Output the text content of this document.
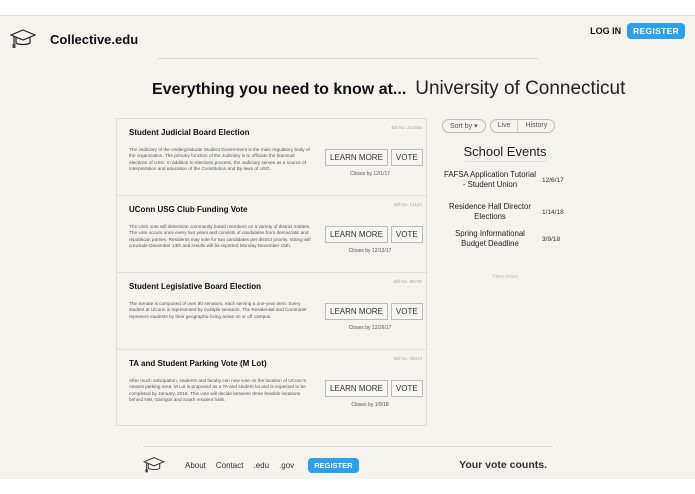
Collective.edu
LOG IN	REGISTER
Everything you need to know at... University of Connecticut
Student Judicial Board Election
Bill No. 213045
The Judiciary of the Undergraduate Student Government is the main regulatory body of the organization. The primary function of the Judiciary is to officiate the biannual elections of USG. In addition to elections process, the Judiciary serves as a source of interpretation and education of the Constitution and By-laws of USG.
LEARN MORE	VOTE
Closes by 12/1/17
UConn USG Club Funding Vote
Bill No. 14124
The USG vote will determine community board members on a variety of district matters. The vote occurs once every two years and consists of candidates from democratic and republican parties. Residents may vote for two candidates per district priority. Voting will conclude December 13th and results will be reported Monday December 15th.
LEARN MORE	VOTE
Closes by 12/13/17
Student Legislative Board Election
Bill No. 85730
The Senate is composed of over 80 senators, each serving a one-year term. Every student at UConn is represented by multiple senators. The Residential and Commuter represent students by their geographic living areas on or off campus.
LEARN MORE	VOTE
Closes by 12/26/17
TA and Student Parking Vote (M Lot)
Bill No. 09313
After much anticipation, students and faculty can now vote on the location of UConn's newest parking area. M Lot is proposed as a TA and student lot and is expected to be completed by January, 2019. This vote will decide between three feasible locations behind NW, Garrigus and South resident halls.
LEARN MORE	VOTE
Closes by 1/9/18
Sort by ▾	Live	History
School Events
FAFSA Application Tutorial - Student Union	12/6/17
Residence Hall Director Elections	1/14/18
Spring Informational Budget Deadline	3/9/18
View more
About Contact .edu .gov	REGISTER	Your vote counts.
